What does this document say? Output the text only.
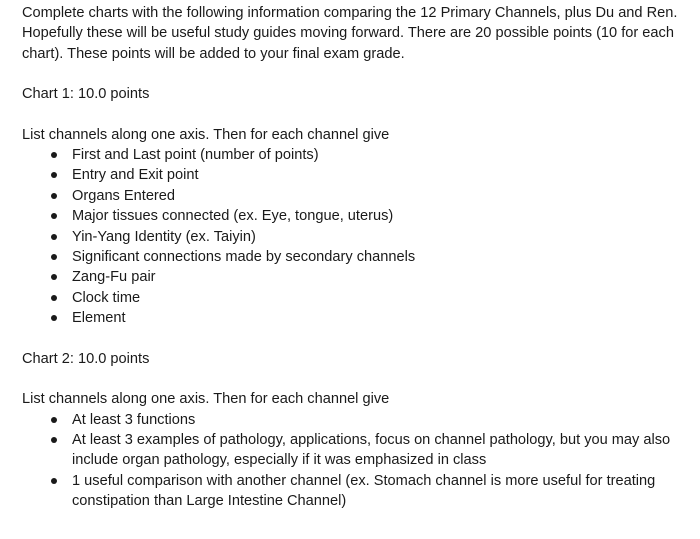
Complete charts with the following information comparing the 12 Primary Channels, plus Du and Ren. Hopefully these will be useful study guides moving forward. There are 20 possible points (10 for each chart). These points will be added to your final exam grade.

Chart 1: 10.0 points

List channels along one axis. Then for each channel give

First and Last point (number of points)
Entry and Exit point
Organs Entered
Major tissues connected (ex. Eye, tongue, uterus)
Yin-Yang Identity (ex. Taiyin)
Significant connections made by secondary channels
Zang-Fu pair
Clock time
Element

Chart 2: 10.0 points

List channels along one axis. Then for each channel give

At least 3 functions
At least 3 examples of pathology, applications, focus on channel pathology, but you may also include organ pathology, especially if it was emphasized in class
1 useful comparison with another channel (ex. Stomach channel is more useful for treating constipation than Large Intestine Channel)
